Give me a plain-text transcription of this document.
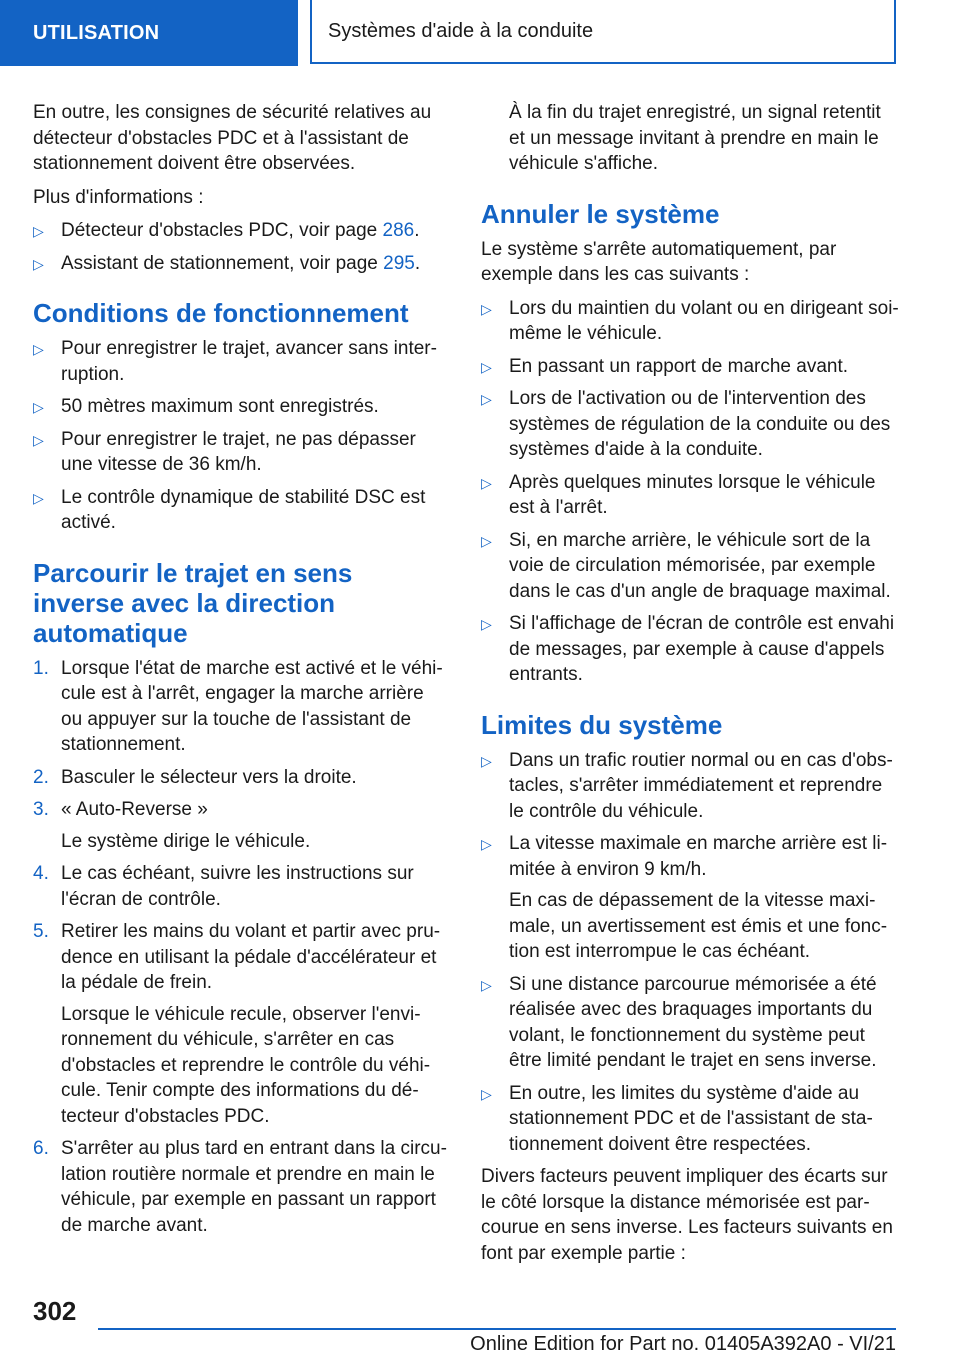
UTILISATION	Systèmes d'aide à la conduite

En outre, les consignes de sécurité relatives au détecteur d'obstacles PDC et à l'assistant de stationnement doivent être observées.

Plus d'informations :

▷ Détecteur d'obstacles PDC, voir page 286.
▷ Assistant de stationnement, voir page 295.
Conditions de fonctionnement
▷ Pour enregistrer le trajet, avancer sans interruption.
▷ 50 mètres maximum sont enregistrés.
▷ Pour enregistrer le trajet, ne pas dépasser une vitesse de 36 km/h.
▷ Le contrôle dynamique de stabilité DSC est activé.
Parcourir le trajet en sens inverse avec la direction automatique
1. Lorsque l'état de marche est activé et le véhicule est à l'arrêt, engager la marche arrière ou appuyer sur la touche de l'assistant de stationnement.
2. Basculer le sélecteur vers la droite.
3. « Auto-Reverse »
Le système dirige le véhicule.
4. Le cas échéant, suivre les instructions sur l'écran de contrôle.
5. Retirer les mains du volant et partir avec prudence en utilisant la pédale d'accélérateur et la pédale de frein.
Lorsque le véhicule recule, observer l'environnement du véhicule, s'arrêter en cas d'obstacles et reprendre le contrôle du véhicule. Tenir compte des informations du détecteur d'obstacles PDC.
6. S'arrêter au plus tard en entrant dans la circulation routière normale et prendre en main le véhicule, par exemple en passant un rapport de marche avant.

À la fin du trajet enregistré, un signal retentit et un message invitant à prendre en main le véhicule s'affiche.

Annuler le système

Le système s'arrête automatiquement, par exemple dans les cas suivants :

▷ Lors du maintien du volant ou en dirigeant soi-même le véhicule.
▷ En passant un rapport de marche avant.
▷ Lors de l'activation ou de l'intervention des systèmes de régulation de la conduite ou des systèmes d'aide à la conduite.
▷ Après quelques minutes lorsque le véhicule est à l'arrêt.
▷ Si, en marche arrière, le véhicule sort de la voie de circulation mémorisée, par exemple dans le cas d'un angle de braquage maximal.
▷ Si l'affichage de l'écran de contrôle est envahi de messages, par exemple à cause d'appels entrants.
Limites du système
▷ Dans un trafic routier normal ou en cas d'obstacles, s'arrêter immédiatement et reprendre le contrôle du véhicule.
▷ La vitesse maximale en marche arrière est limitée à environ 9 km/h.
En cas de dépassement de la vitesse maximale, un avertissement est émis et une fonction est interrompue le cas échéant.
▷ Si une distance parcourue mémorisée a été réalisée avec des braquages importants du volant, le fonctionnement du système peut être limité pendant le trajet en sens inverse.
▷ En outre, les limites du système d'aide au stationnement PDC et de l'assistant de stationnement doivent être respectées.

Divers facteurs peuvent impliquer des écarts sur le côté lorsque la distance mémorisée est parcourue en sens inverse. Les facteurs suivants en font par exemple partie :

302
Online Edition for Part no. 01405A392A0 - VI/21
